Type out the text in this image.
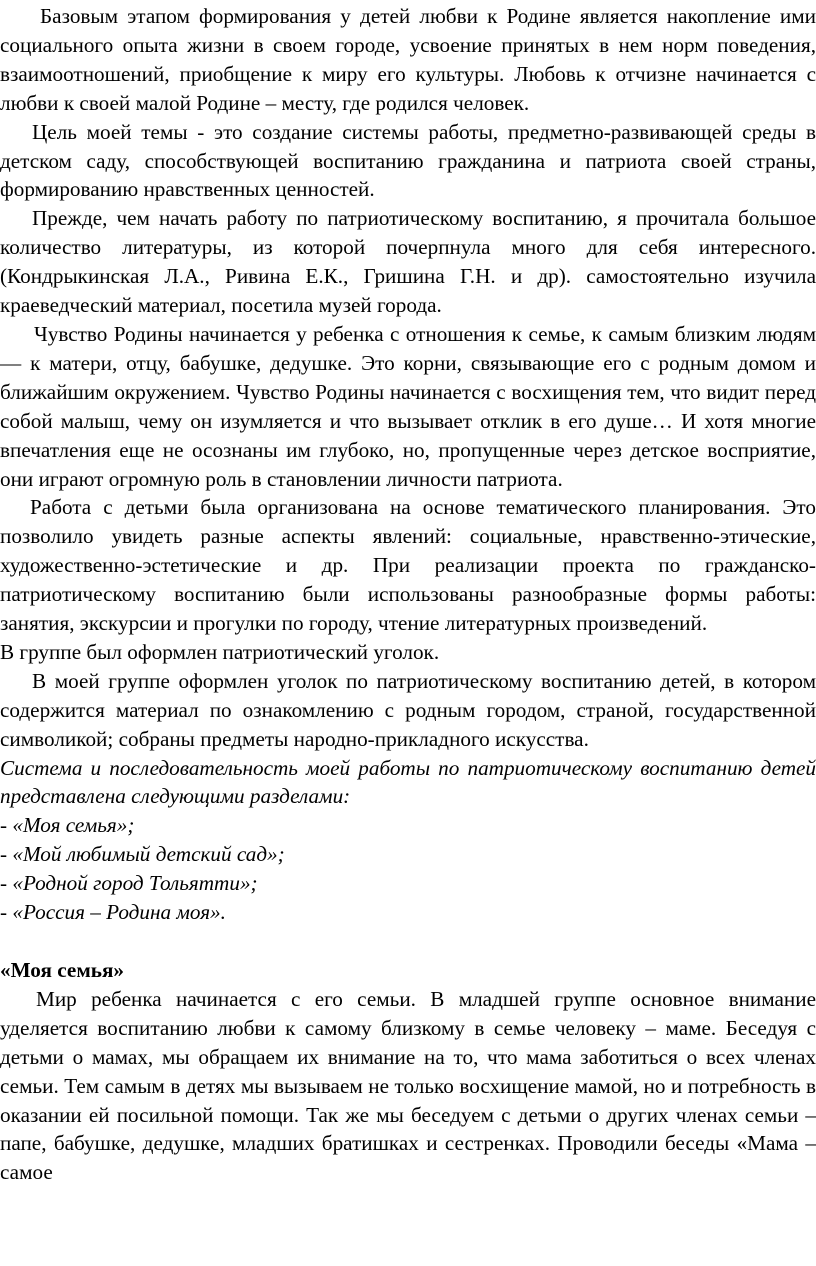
Базовым этапом формирования у детей любви к Родине является накопление ими социального опыта жизни в своем городе, усвоение принятых в нем норм поведения, взаимоотношений, приобщение к миру его культуры. Любовь к отчизне начинается с любви к своей малой Родине – месту, где родился человек.

Цель моей темы - это создание системы работы, предметно-развивающей среды в детском саду, способствующей воспитанию гражданина и патриота своей страны, формированию нравственных ценностей.

Прежде, чем начать работу по патриотическому воспитанию, я прочитала большое количество литературы, из которой почерпнула много для себя интересного. (Кондрыкинская Л.А., Ривина Е.К., Гришина Г.Н. и др). самостоятельно изучила краеведческий материал, посетила музей города.

Чувство Родины начинается у ребенка с отношения к семье, к самым близким людям — к матери, отцу, бабушке, дедушке. Это корни, связывающие его с родным домом и ближайшим окружением. Чувство Родины начинается с восхищения тем, что видит перед собой малыш, чему он изумляется и что вызывает отклик в его душе… И хотя многие впечатления еще не осознаны им глубоко, но, пропущенные через детское восприятие, они играют огромную роль в становлении личности патриота.

Работа с детьми была организована на основе тематического планирования. Это позволило увидеть разные аспекты явлений: социальные, нравственно-этические, художественно-эстетические и др. При реализации проекта по гражданско-патриотическому воспитанию были использованы разнообразные формы работы: занятия, экскурсии и прогулки по городу, чтение литературных произведений.

В группе был оформлен патриотический уголок.

В моей группе оформлен уголок по патриотическому воспитанию детей, в котором содержится материал по ознакомлению с родным городом, страной, государственной символикой; собраны предметы народно-прикладного искусства.

Система и последовательность моей работы по патриотическому воспитанию детей представлена следующими разделами:

- «Моя семья»;

- «Мой любимый детский сад»;

- «Родной город Тольятти»;

- «Россия – Родина моя».

«Моя семья»

Мир ребенка начинается с его семьи. В младшей группе основное внимание уделяется воспитанию любви к самому близкому в семье человеку – маме. Беседуя с детьми о мамах, мы обращаем их внимание на то, что мама заботиться о всех членах семьи. Тем самым в детях мы вызываем не только восхищение мамой, но и потребность в оказании ей посильной помощи. Так же мы беседуем с детьми о других членах семьи – папе, бабушке, дедушке, младших братишках и сестренках. Проводили беседы «Мама – самое
